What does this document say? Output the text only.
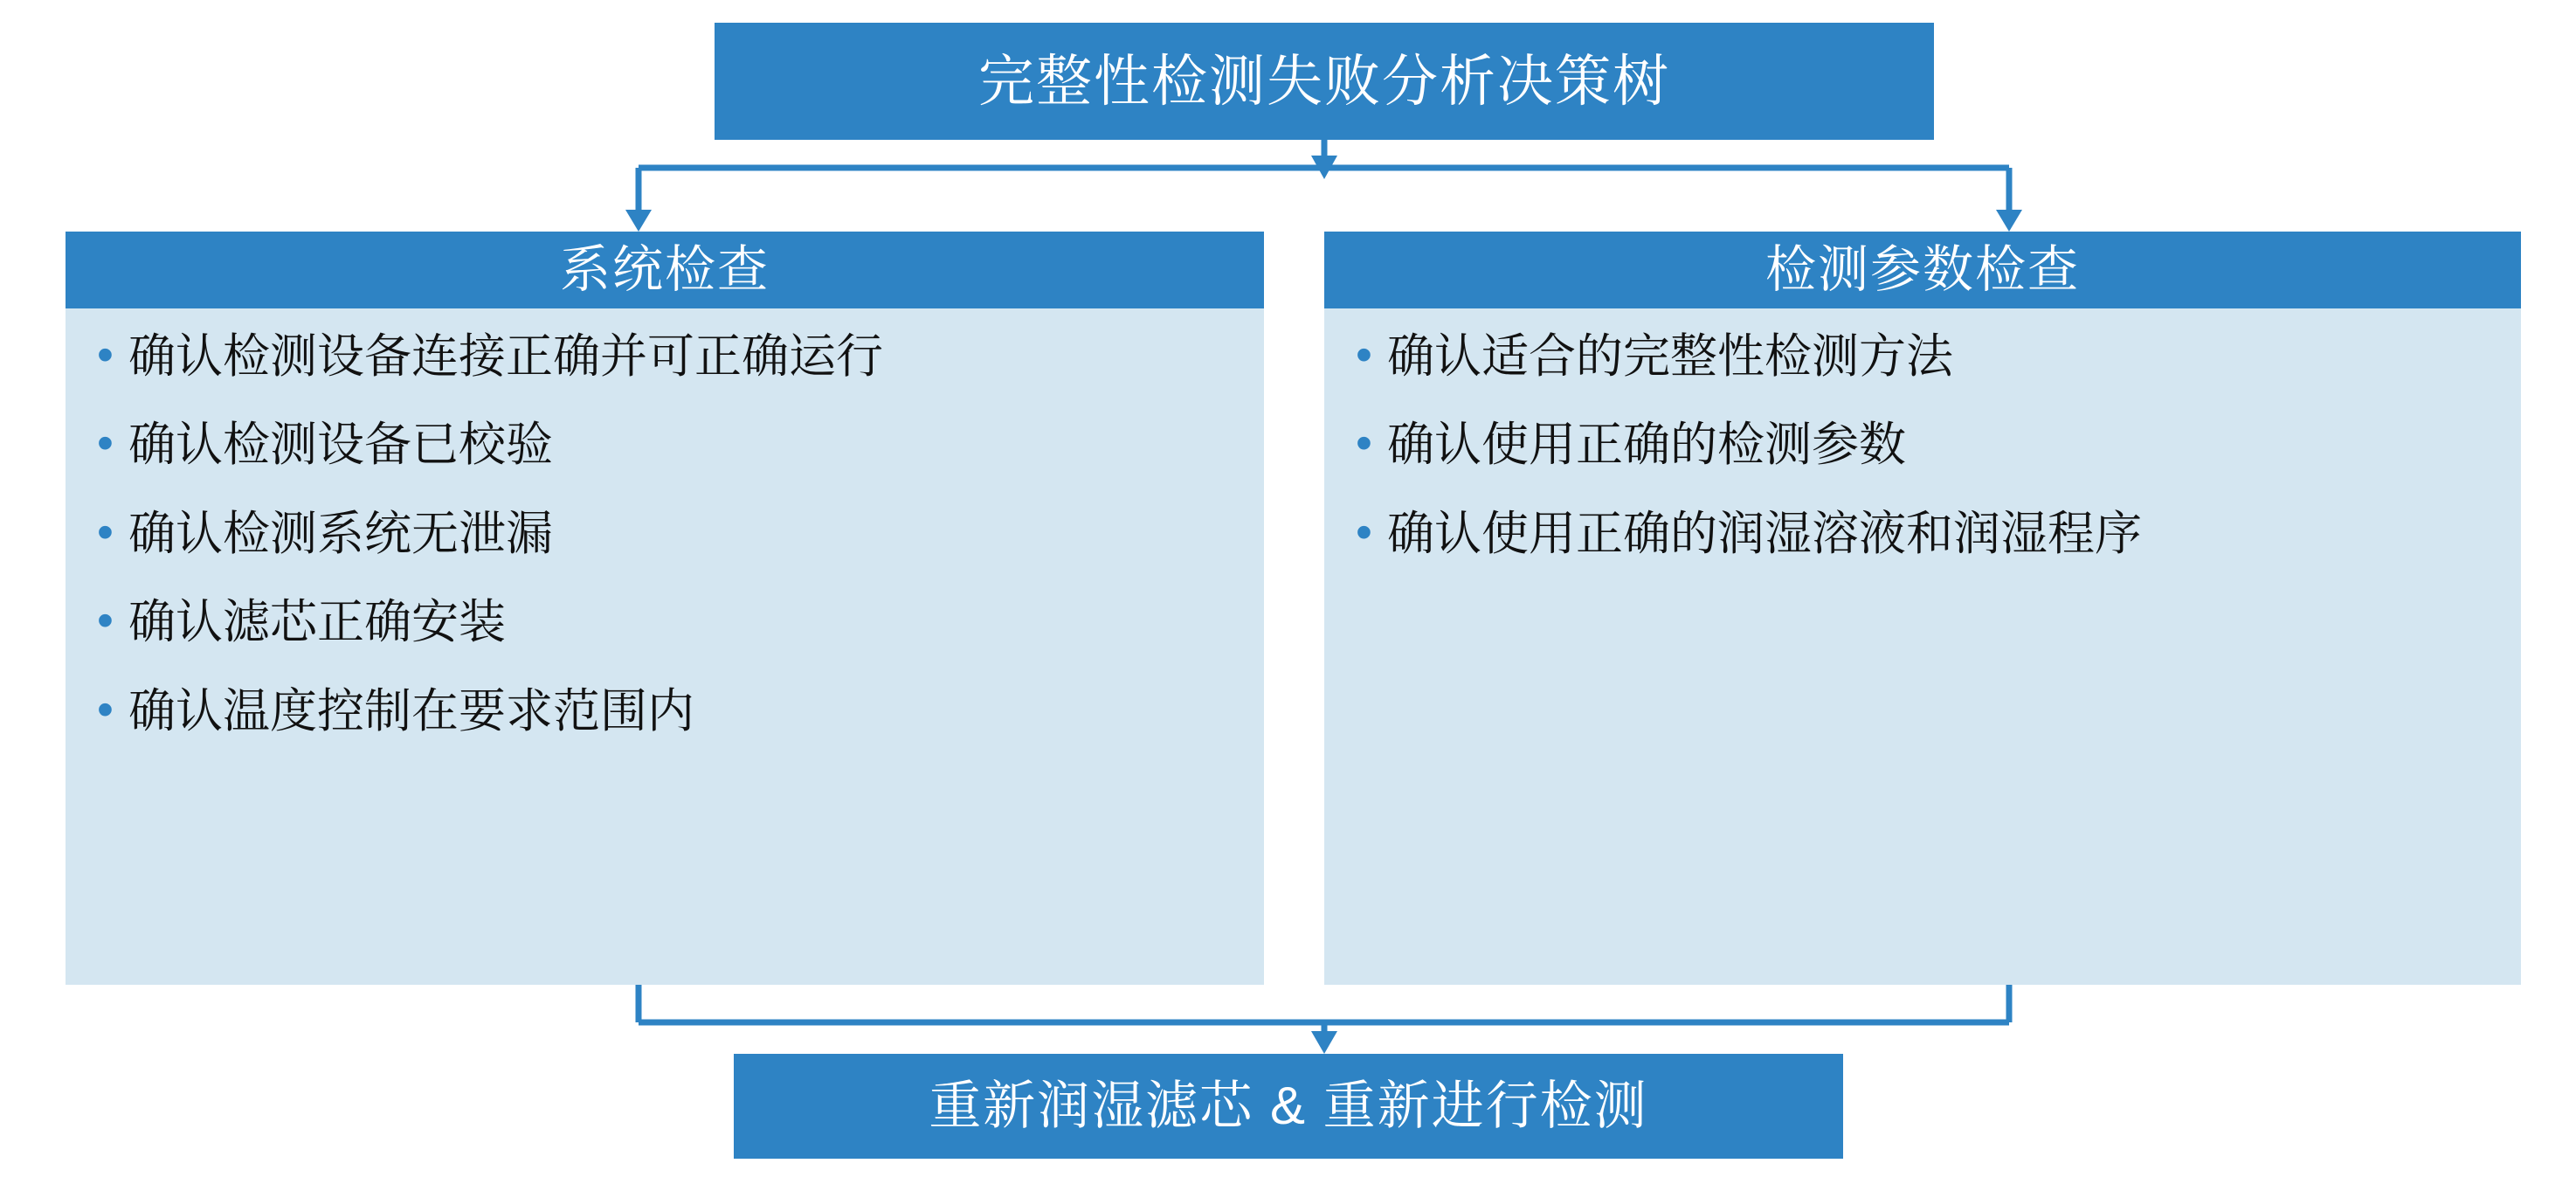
完整性检测失败分析决策树
系统检查
• 确认检测设备连接正确并可正确运行
• 确认检测设备已校验
• 确认检测系统无泄漏
• 确认滤芯正确安装
• 确认温度控制在要求范围内
检测参数检查
• 确认适合的完整性检测方法
• 确认使用正确的检测参数
• 确认使用正确的润湿溶液和润湿程序
重新润湿滤芯 & 重新进行检测
